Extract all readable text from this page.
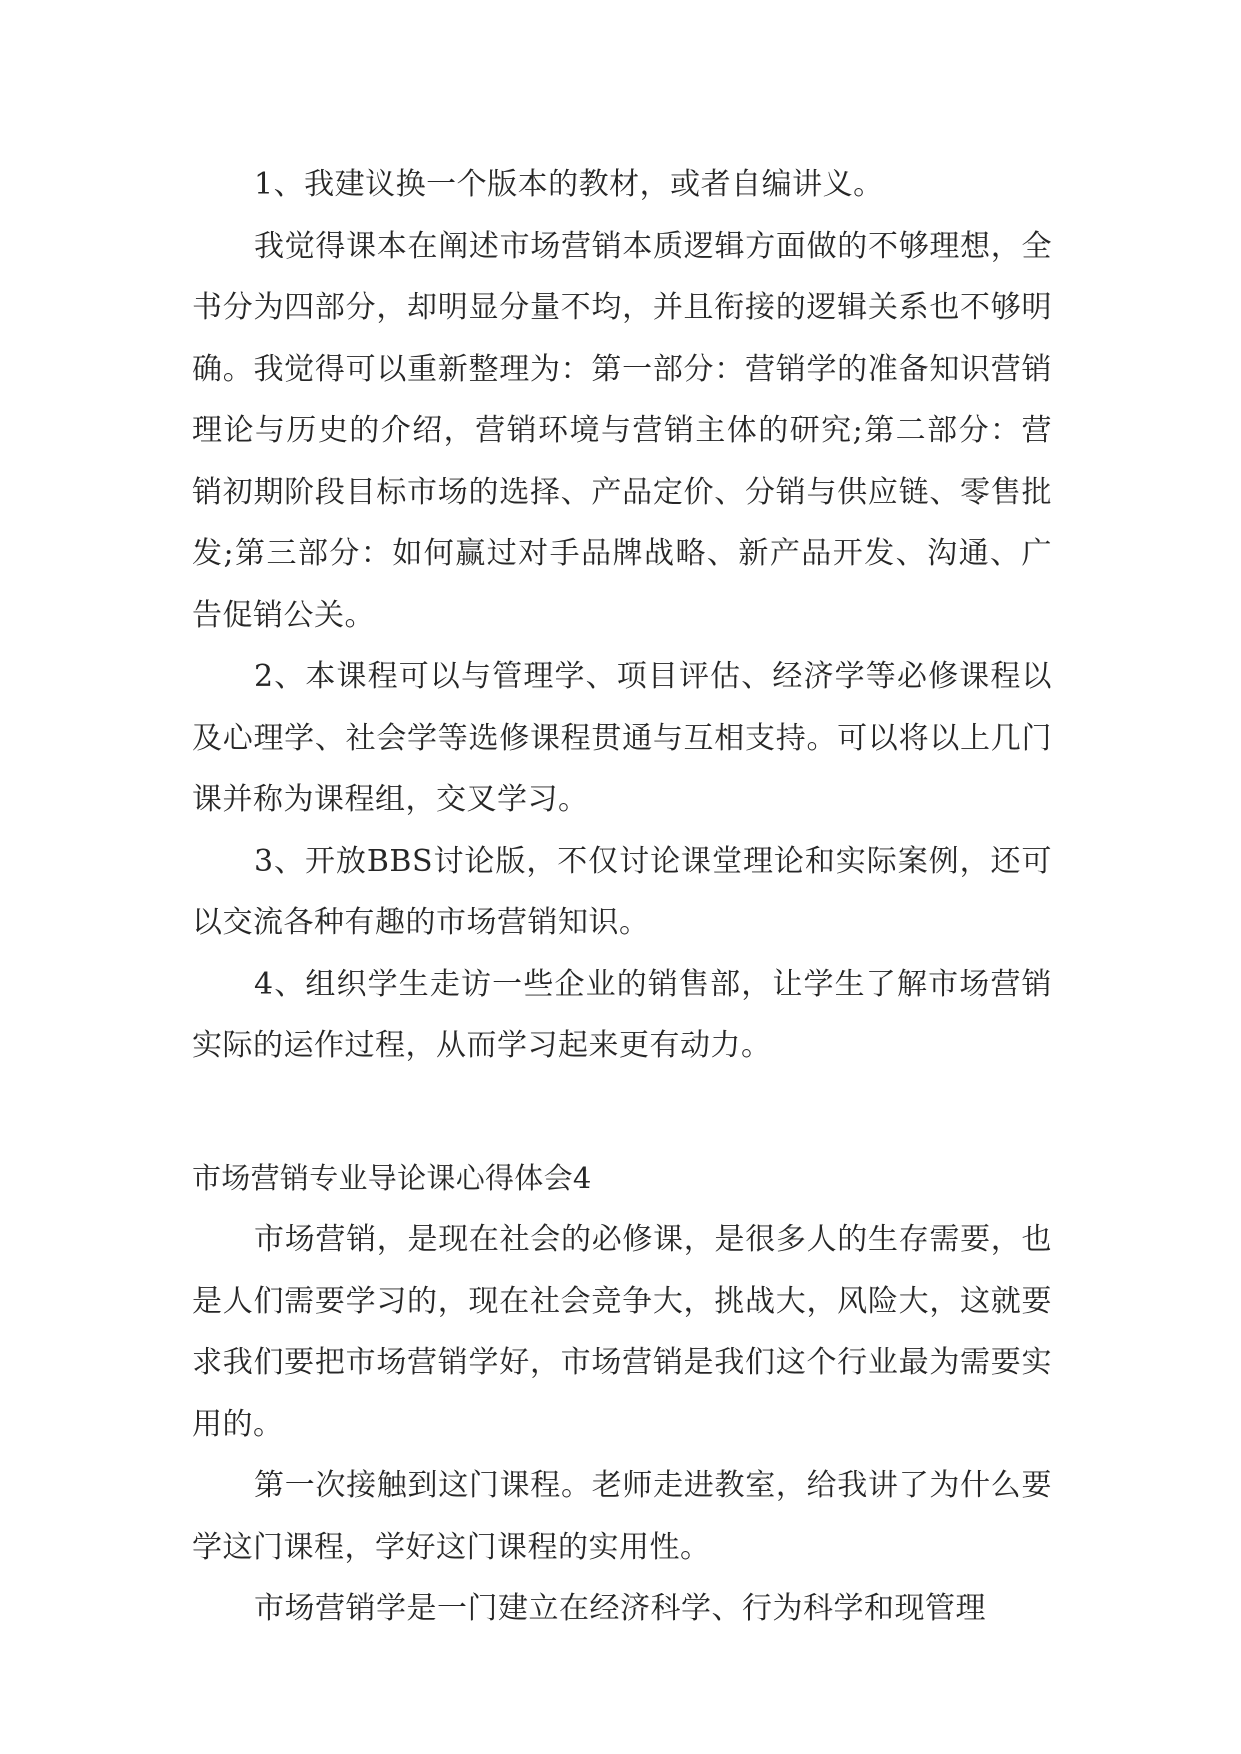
1、我建议换一个版本的教材，或者自编讲义。

我觉得课本在阐述市场营销本质逻辑方面做的不够理想，全书分为四部分，却明显分量不均，并且衔接的逻辑关系也不够明确。我觉得可以重新整理为：第一部分：营销学的准备知识营销理论与历史的介绍，营销环境与营销主体的研究;第二部分：营销初期阶段目标市场的选择、产品定价、分销与供应链、零售批发;第三部分：如何赢过对手品牌战略、新产品开发、沟通、广告促销公关。

2、本课程可以与管理学、项目评估、经济学等必修课程以及心理学、社会学等选修课程贯通与互相支持。可以将以上几门课并称为课程组，交叉学习。

3、开放BBS讨论版，不仅讨论课堂理论和实际案例，还可以交流各种有趣的市场营销知识。

4、组织学生走访一些企业的销售部，让学生了解市场营销实际的运作过程，从而学习起来更有动力。

市场营销专业导论课心得体会4

市场营销，是现在社会的必修课，是很多人的生存需要，也是人们需要学习的，现在社会竞争大，挑战大，风险大，这就要求我们要把市场营销学好，市场营销是我们这个行业最为需要实用的。

第一次接触到这门课程。老师走进教室，给我讲了为什么要学这门课程，学好这门课程的实用性。

市场营销学是一门建立在经济科学、行为科学和现管理
